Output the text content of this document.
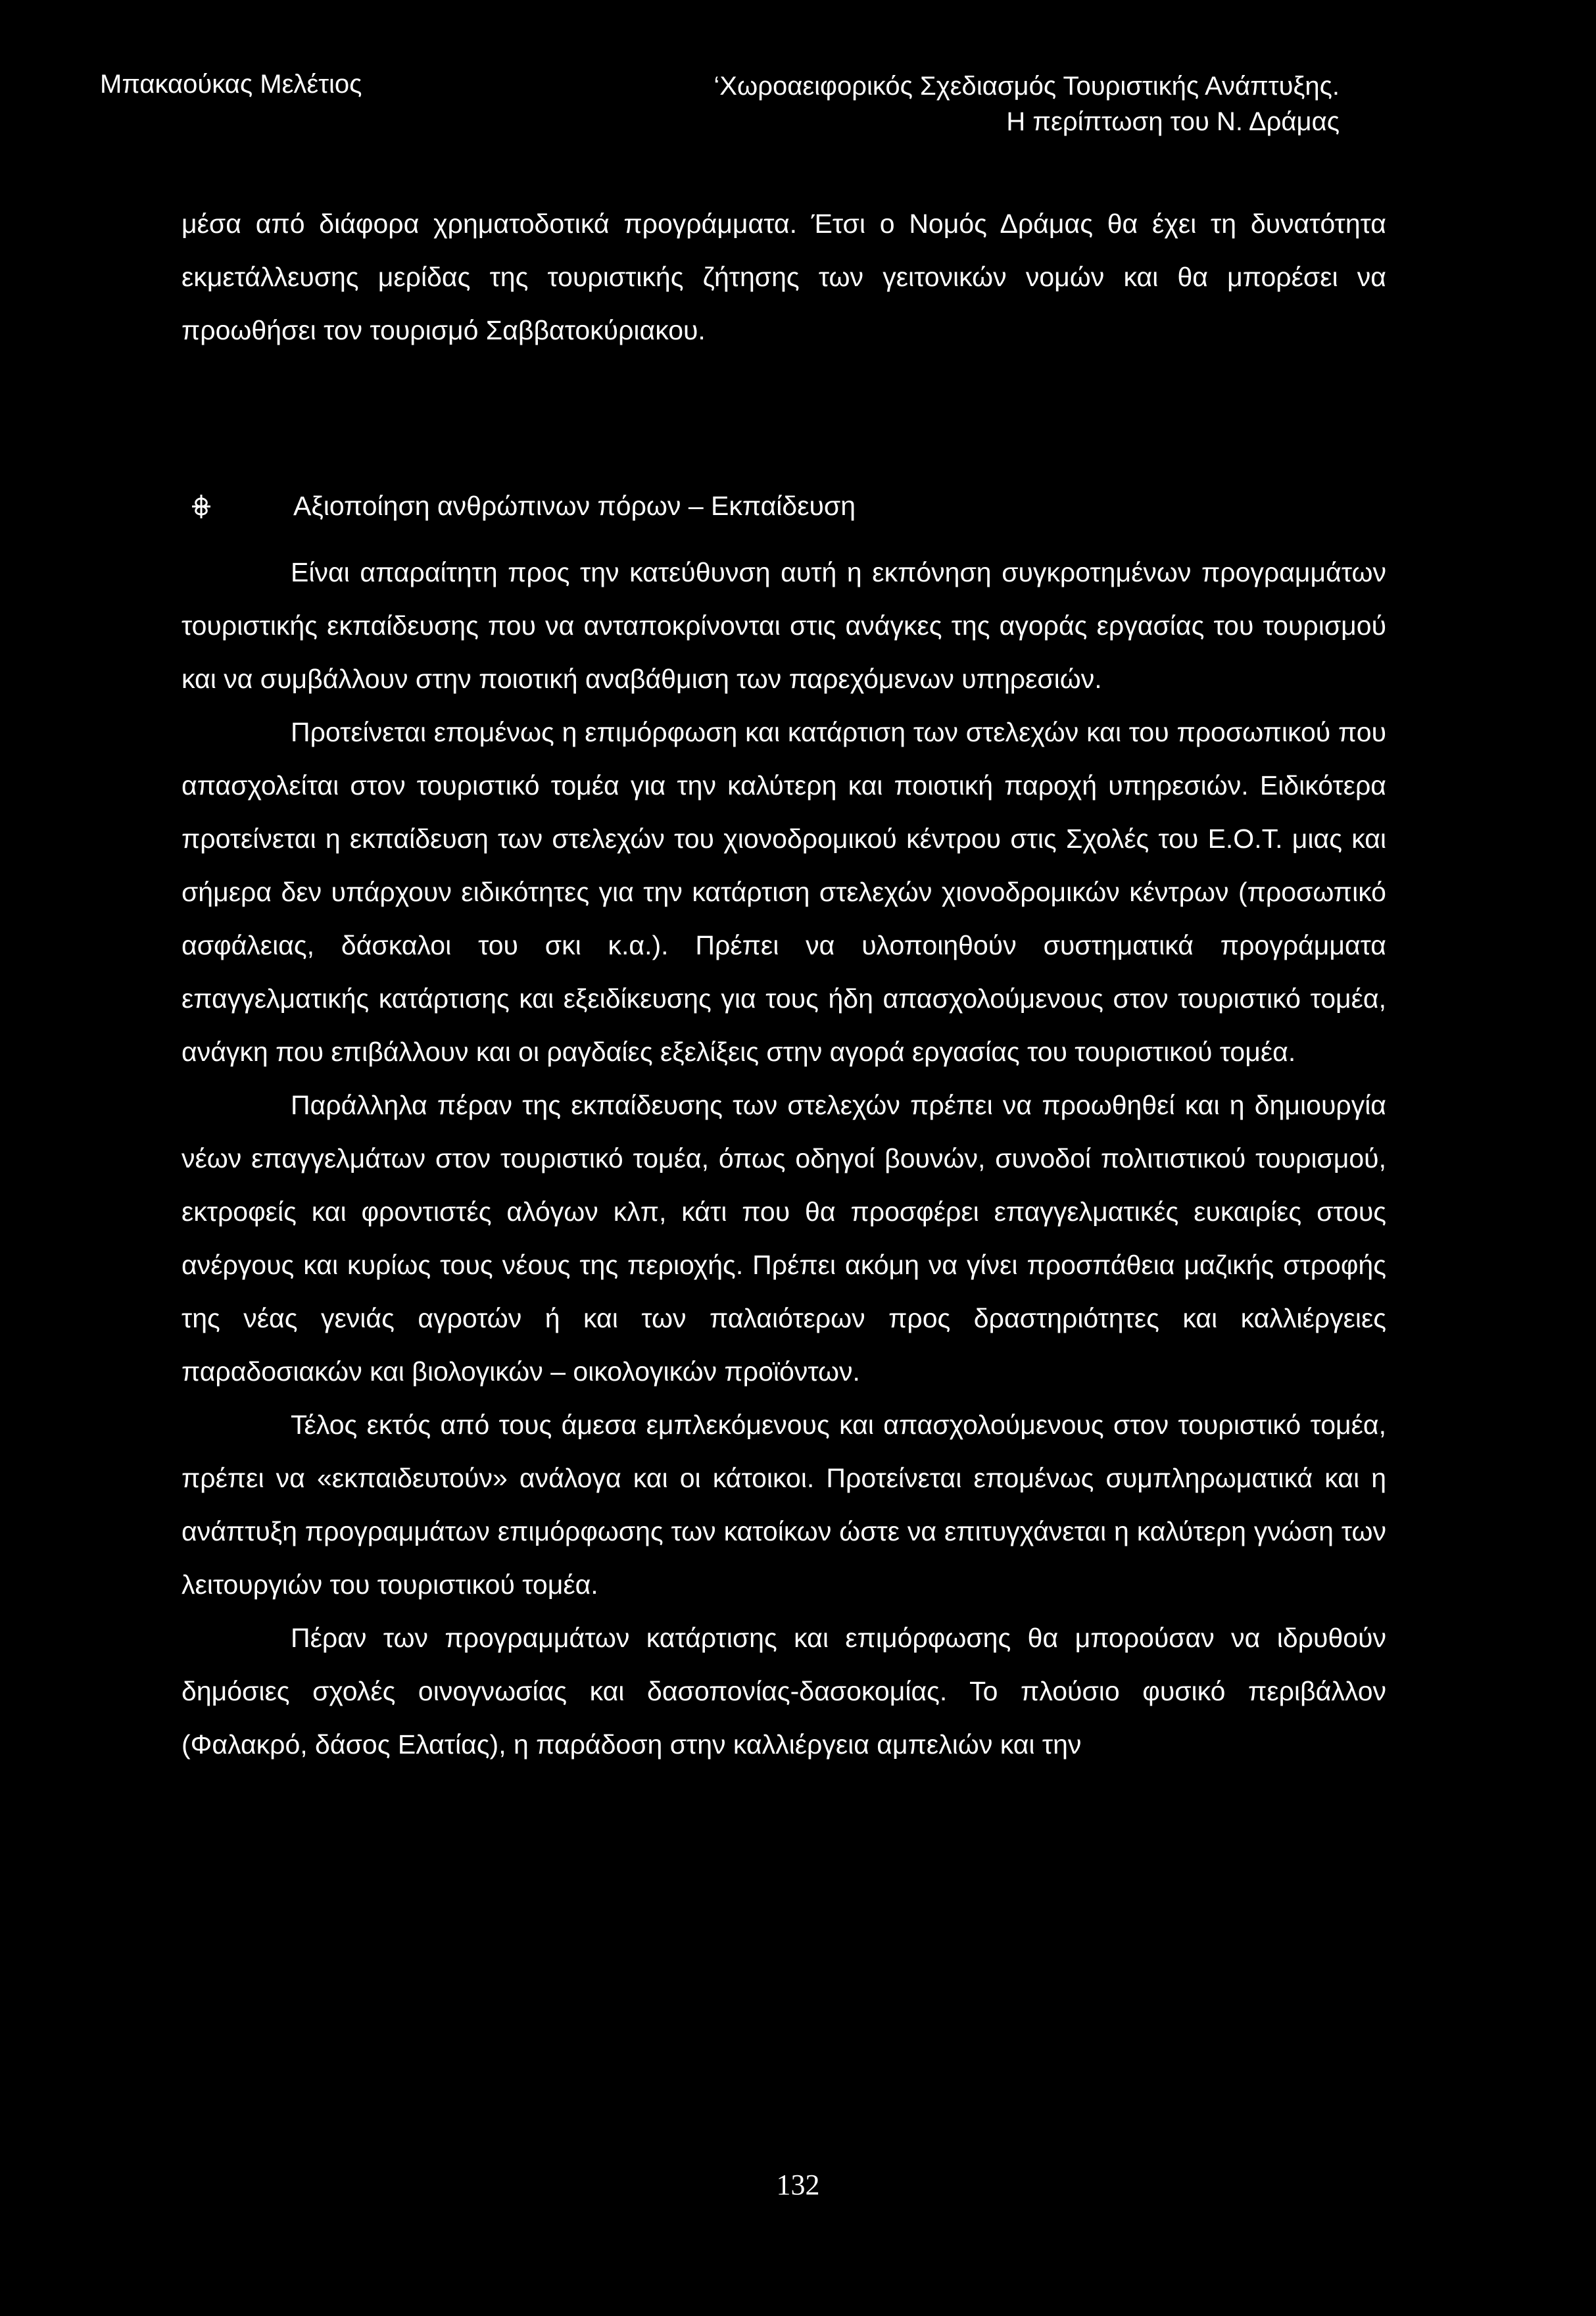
Μπακαούκας Μελέτιος	‘Χωροαειφορικός Σχεδιασμός Τουριστικής Ανάπτυξης.
Η περίπτωση του Ν. Δράμας
μέσα από διάφορα χρηματοδοτικά προγράμματα. Έτσι ο Νομός Δράμας θα έχει τη δυνατότητα εκμετάλλευσης μερίδας της τουριστικής ζήτησης των γειτονικών νομών και θα μπορέσει να προωθήσει τον τουρισμό Σαββατοκύριακου.
Αξιοποίηση ανθρώπινων πόρων – Εκπαίδευση

Είναι απαραίτητη προς την κατεύθυνση αυτή η εκπόνηση συγκροτημένων προγραμμάτων τουριστικής εκπαίδευσης που να ανταποκρίνονται στις ανάγκες της αγοράς εργασίας του τουρισμού και να συμβάλλουν στην ποιοτική αναβάθμιση των παρεχόμενων υπηρεσιών.

Προτείνεται επομένως η επιμόρφωση και κατάρτιση των στελεχών και του προσωπικού που απασχολείται στον τουριστικό τομέα για την καλύτερη και ποιοτική παροχή υπηρεσιών. Ειδικότερα προτείνεται η εκπαίδευση των στελεχών του χιονοδρομικού κέντρου στις Σχολές του Ε.Ο.Τ. μιας και σήμερα δεν υπάρχουν ειδικότητες για την κατάρτιση στελεχών χιονοδρομικών κέντρων (προσωπικό ασφάλειας, δάσκαλοι του σκι κ.α.). Πρέπει να υλοποιηθούν συστηματικά προγράμματα επαγγελματικής κατάρτισης και εξειδίκευσης για τους ήδη απασχολούμενους στον τουριστικό τομέα, ανάγκη που επιβάλλουν και οι ραγδαίες εξελίξεις στην αγορά εργασίας του τουριστικού τομέα.

Παράλληλα πέραν της εκπαίδευσης των στελεχών πρέπει να προωθηθεί και η δημιουργία νέων επαγγελμάτων στον τουριστικό τομέα, όπως οδηγοί βουνών, συνοδοί πολιτιστικού τουρισμού, εκτροφείς και φροντιστές αλόγων κλπ, κάτι που θα προσφέρει επαγγελματικές ευκαιρίες στους ανέργους και κυρίως τους νέους της περιοχής. Πρέπει ακόμη να γίνει προσπάθεια μαζικής στροφής της νέας γενιάς αγροτών ή και των παλαιότερων προς δραστηριότητες και καλλιέργειες παραδοσιακών και βιολογικών – οικολογικών προϊόντων.

Τέλος εκτός από τους άμεσα εμπλεκόμενους και απασχολούμενους στον τουριστικό τομέα, πρέπει να «εκπαιδευτούν» ανάλογα και οι κάτοικοι. Προτείνεται επομένως συμπληρωματικά και η ανάπτυξη προγραμμάτων επιμόρφωσης των κατοίκων ώστε να επιτυγχάνεται η καλύτερη γνώση των λειτουργιών του τουριστικού τομέα.

Πέραν των προγραμμάτων κατάρτισης και επιμόρφωσης θα μπορούσαν να ιδρυθούν δημόσιες σχολές οινογνωσίας και δασοπονίας-δασοκομίας. Το πλούσιο φυσικό περιβάλλον (Φαλακρό, δάσος Ελατίας), η παράδοση στην καλλιέργεια αμπελιών και την

132
